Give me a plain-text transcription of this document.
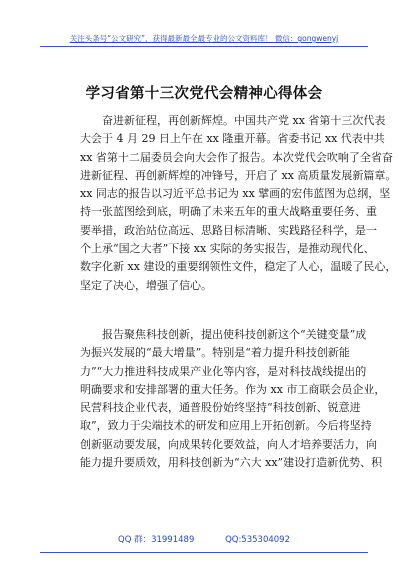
关注头条号“公文研究”，获得最新最全最专业的公文资料库！ 微信：gongwenyj
学习省第十三次党代会精神心得体会

奋进新征程，再创新辉煌。中国共产党 xx 省第十三次代表
大会于 4 月 29 日上午在 xx 隆重开幕。省委书记 xx 代表中共
xx 省第十二届委员会向大会作了报告。本次党代会吹响了全省奋
进新征程、再创新辉煌的冲锋号，开启了 xx 高质量发展新篇章。
xx 同志的报告以习近平总书记为 xx 擘画的宏伟蓝图为总纲，坚
持一张蓝图绘到底，明确了未来五年的重大战略重要任务、重
要举措，政治站位高远、思路目标清晰、实践路径科学，是一
个上承“国之大者”下接 xx 实际的务实报告，是推动现代化、
数字化新 xx 建设的重要纲领性文件，稳定了人心，温暖了民心，
坚定了决心，增强了信心。

报告聚焦科技创新，提出使科技创新这个“关键变量”成
为振兴发展的“最大增量”。特别是“着力提升科技创新能
力”“大力推进科技成果产业化等内容，是对科技战线提出的
明确要求和安排部署的重大任务。作为 xx 市工商联会员企业，
民营科技企业代表，通普股份始终坚持“科技创新、锐意进
取”，致力于尖端技术的研发和应用上开拓创新。今后将坚持
创新驱动要发展，向成果转化要效益，向人才培养要活力，向
能力提升要质效，用科技创新为“六大 xx”建设打造新优势、积

QQ 群：31991489	QQ:535304092
